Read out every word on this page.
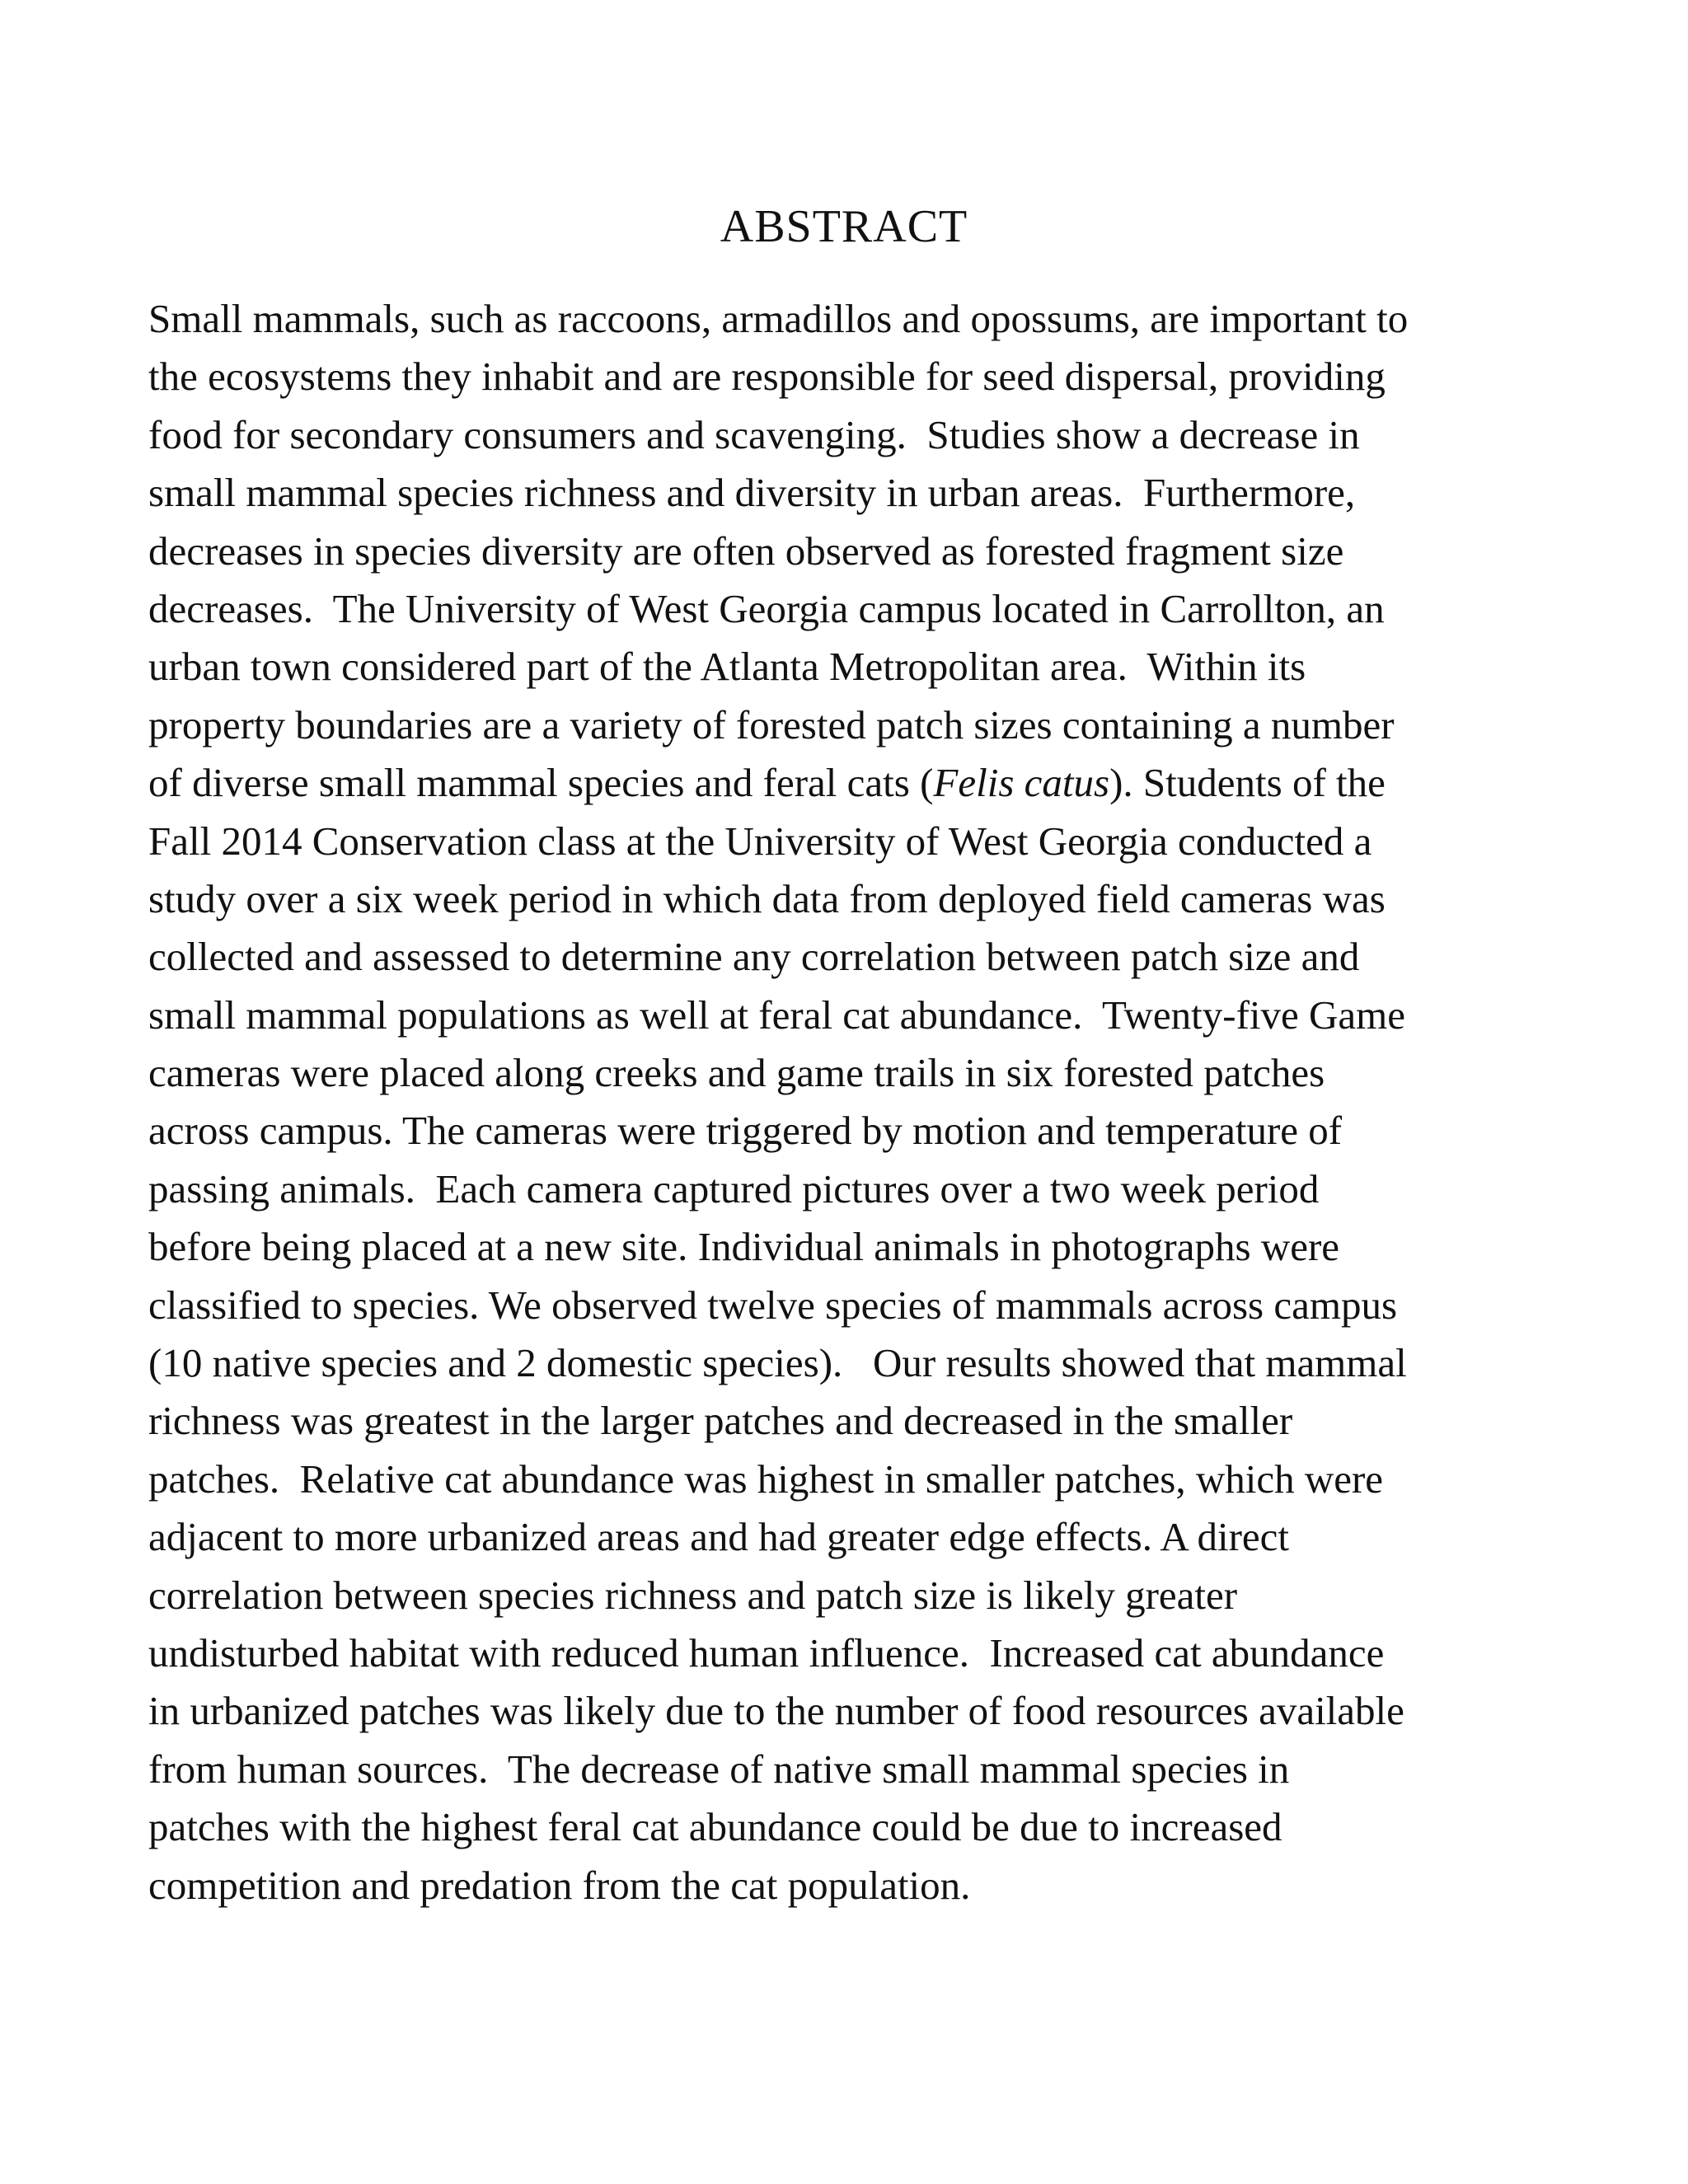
ABSTRACT
Small mammals, such as raccoons, armadillos and opossums, are important to
the ecosystems they inhabit and are responsible for seed dispersal, providing
food for secondary consumers and scavenging.  Studies show a decrease in
small mammal species richness and diversity in urban areas.  Furthermore,
decreases in species diversity are often observed as forested fragment size
decreases.  The University of West Georgia campus located in Carrollton, an
urban town considered part of the Atlanta Metropolitan area.  Within its
property boundaries are a variety of forested patch sizes containing a number
of diverse small mammal species and feral cats (Felis catus). Students of the
Fall 2014 Conservation class at the University of West Georgia conducted a
study over a six week period in which data from deployed field cameras was
collected and assessed to determine any correlation between patch size and
small mammal populations as well at feral cat abundance.  Twenty-five Game
cameras were placed along creeks and game trails in six forested patches
across campus. The cameras were triggered by motion and temperature of
passing animals.  Each camera captured pictures over a two week period
before being placed at a new site. Individual animals in photographs were
classified to species. We observed twelve species of mammals across campus
(10 native species and 2 domestic species).   Our results showed that mammal
richness was greatest in the larger patches and decreased in the smaller
patches.  Relative cat abundance was highest in smaller patches, which were
adjacent to more urbanized areas and had greater edge effects. A direct
correlation between species richness and patch size is likely greater
undisturbed habitat with reduced human influence.  Increased cat abundance
in urbanized patches was likely due to the number of food resources available
from human sources.  The decrease of native small mammal species in
patches with the highest feral cat abundance could be due to increased
competition and predation from the cat population.
